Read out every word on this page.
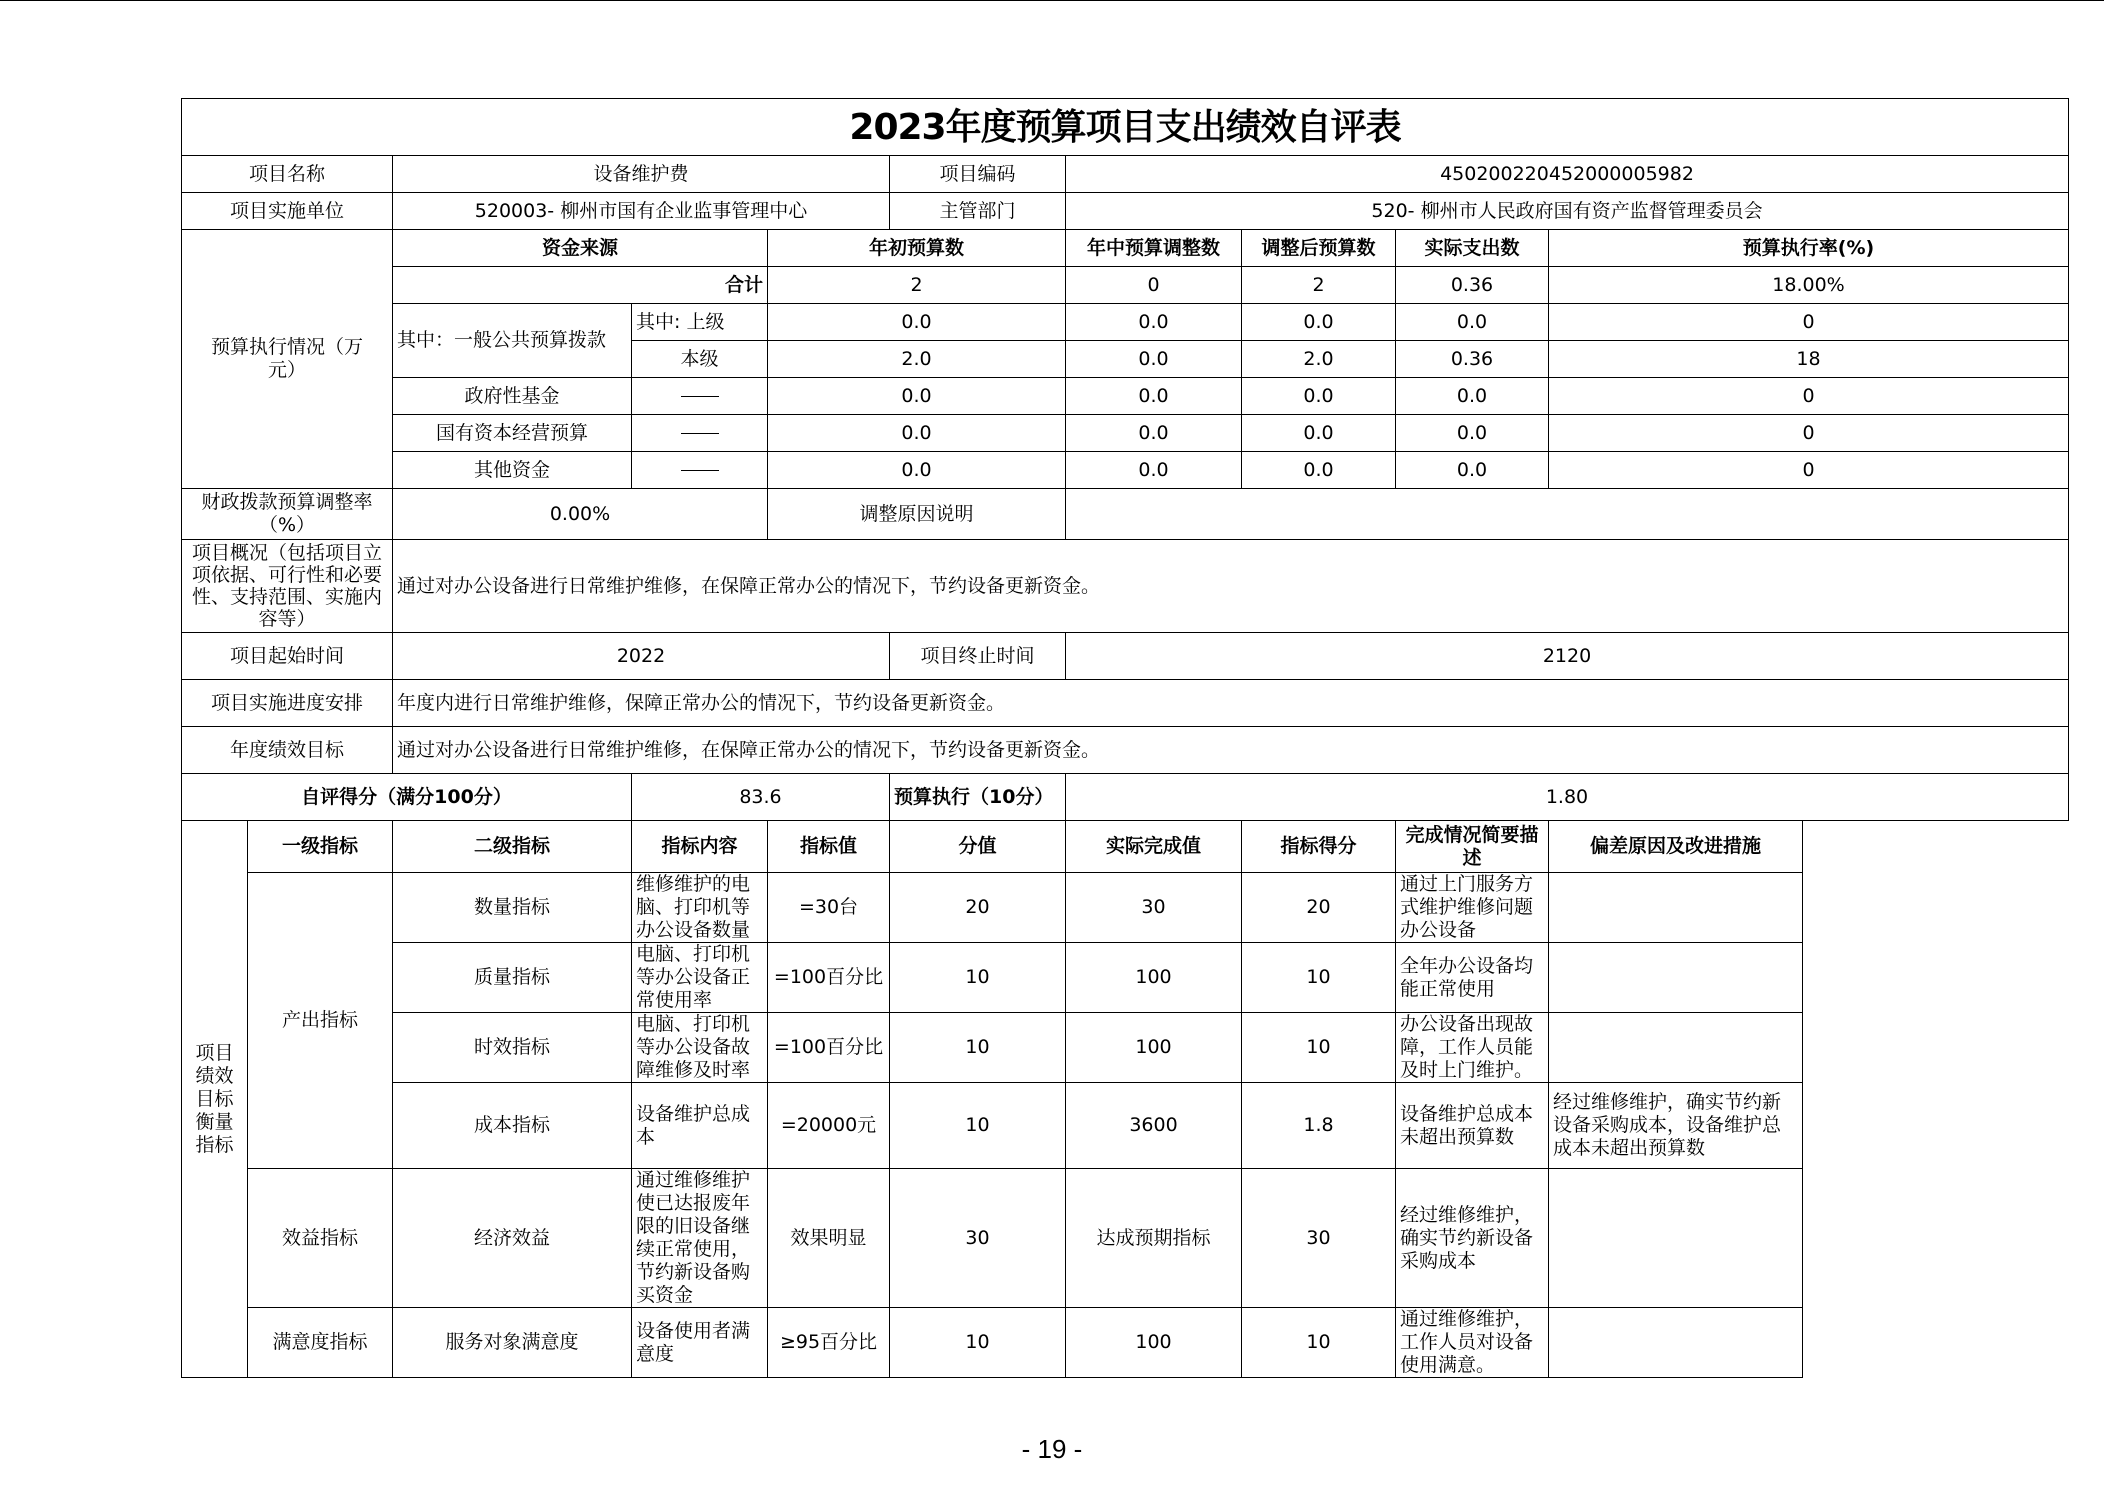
2023年度预算项目支出绩效自评表									
项目名称		设备维护费			项目编码	450200220452000005982			
项目实施单位		520003- 柳州市国有企业监事管理中心			主管部门	520- 柳州市人民政府国有资产监督管理委员会			
预算执行情况（万元）		资金来源		年初预算数		年中预算调整数	调整后预算数	实际支出数	预算执行率(%)
		合计		2		0	2	0.36	18.00%
		其中：一般公共预算拨款	其中: 上级	0.0		0.0	0.0	0.0	0
			本级	2.0		0.0	2.0	0.36	18
		政府性基金		0.0		0.0	0.0	0.0	0
		国有资本经营预算		0.0		0.0	0.0	0.0	0
		其他资金		0.0		0.0	0.0	0.0	0
财政拨款预算调整率（%）		0.00%		调整原因说明					
项目概况（包括项目立项依据、可行性和必要性、支持范围、实施内容等）		通过对办公设备进行日常维护维修，在保障正常办公的情况下，节约设备更新资金。							
项目起始时间		2022			项目终止时间	2120			
项目实施进度安排		年度内进行日常维护维修，保障正常办公的情况下，节约设备更新资金。							
年度绩效目标		通过对办公设备进行日常维护维修，在保障正常办公的情况下，节约设备更新资金。							
自评得分（满分100分）			83.6		预算执行（10分）	1.80			
项目绩效目标衡量指标	一级指标	二级指标	指标内容	指标值	分值	实际完成值	指标得分	完成情况简要描述	偏差原因及改进措施
	产出指标	数量指标	维修维护的电脑、打印机等办公设备数量	=30台	20	30	20	通过上门服务方式维护维修问题办公设备	
		质量指标	电脑、打印机等办公设备正常使用率	=100百分比	10	100	10	全年办公设备均能正常使用	
		时效指标	电脑、打印机等办公设备故障维修及时率	=100百分比	10	100	10	办公设备出现故障，工作人员能及时上门维护。	
		成本指标	设备维护总成本	=20000元	10	3600	1.8	设备维护总成本未超出预算数	经过维修维护，确实节约新设备采购成本，设备维护总成本未超出预算数
	效益指标	经济效益	通过维修维护使已达报废年限的旧设备继续正常使用，节约新设备购买资金	效果明显	30	达成预期指标	30	经过维修维护，确实节约新设备采购成本	
	满意度指标	服务对象满意度	设备使用者满意度	≥95百分比	10	100	10	通过维修维护，工作人员对设备使用满意。	
- 19 -
